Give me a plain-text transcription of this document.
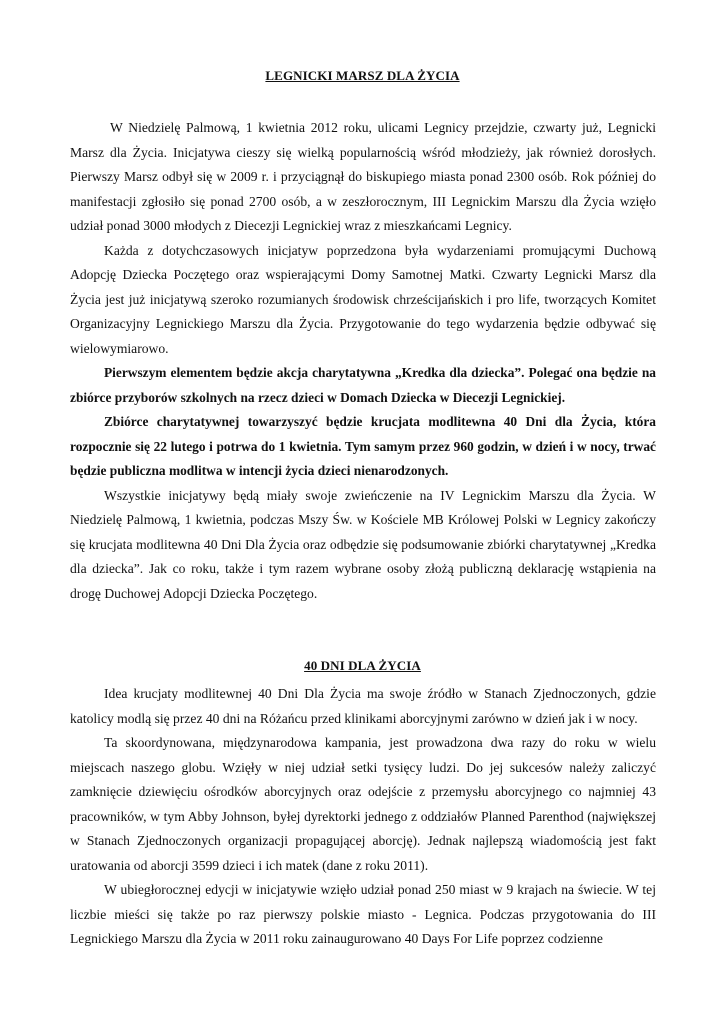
LEGNICKI MARSZ DLA ŻYCIA

W Niedzielę Palmową, 1 kwietnia 2012 roku, ulicami Legnicy przejdzie, czwarty już, Legnicki Marsz dla Życia. Inicjatywa cieszy się wielką popularnością wśród młodzieży, jak również dorosłych. Pierwszy Marsz odbył się w 2009 r. i przyciągnął do biskupiego miasta ponad 2300 osób. Rok później do manifestacji zgłosiło się ponad 2700 osób, a w zeszłorocznym, III Legnickim Marszu dla Życia wzięło udział ponad 3000 młodych z Diecezji Legnickiej wraz z mieszkańcami Legnicy.

Każda z dotychczasowych inicjatyw poprzedzona była wydarzeniami promującymi Duchową Adopcję Dziecka Poczętego oraz wspierającymi Domy Samotnej Matki. Czwarty Legnicki Marsz dla Życia jest już inicjatywą szeroko rozumianych środowisk chrześcijańskich i pro life, tworzących Komitet Organizacyjny Legnickiego Marszu dla Życia. Przygotowanie do tego wydarzenia będzie odbywać się wielowymiarowo.

Pierwszym elementem będzie akcja charytatywna „Kredka dla dziecka”. Polegać ona będzie na zbiórce przyborów szkolnych na rzecz dzieci w Domach Dziecka w Diecezji Legnickiej.

Zbiórce charytatywnej towarzyszyć będzie krucjata modlitewna 40 Dni dla Życia, która rozpocznie się 22 lutego i potrwa do 1 kwietnia. Tym samym przez 960 godzin, w dzień i w nocy, trwać będzie publiczna modlitwa w intencji życia dzieci nienarodzonych.

Wszystkie inicjatywy będą miały swoje zwieńczenie na IV Legnickim Marszu dla Życia. W Niedzielę Palmową, 1 kwietnia, podczas Mszy Św. w Kościele MB Królowej Polski w Legnicy zakończy się krucjata modlitewna 40 Dni Dla Życia oraz odbędzie się podsumowanie zbiórki charytatywnej „Kredka dla dziecka”. Jak co roku, także i tym razem wybrane osoby złożą publiczną deklarację wstąpienia na drogę Duchowej Adopcji Dziecka Poczętego.

40 DNI DLA ŻYCIA

Idea krucjaty modlitewnej 40 Dni Dla Życia ma swoje źródło w Stanach Zjednoczonych, gdzie katolicy modlą się przez 40 dni na Różańcu przed klinikami aborcyjnymi zarówno w dzień jak i w nocy.

Ta skoordynowana, międzynarodowa kampania, jest prowadzona dwa razy do roku w wielu miejscach naszego globu. Wzięły w niej udział setki tysięcy ludzi. Do jej sukcesów należy zaliczyć zamknięcie dziewięciu ośrodków aborcyjnych oraz odejście z przemysłu aborcyjnego co najmniej 43 pracowników, w tym Abby Johnson, byłej dyrektorki jednego z oddziałów Planned Parenthod (największej w Stanach Zjednoczonych organizacji propagującej aborcję). Jednak najlepszą wiadomością jest fakt uratowania od aborcji 3599 dzieci i ich matek (dane z roku 2011).

W ubiegłorocznej edycji w inicjatywie wzięło udział ponad 250 miast w 9 krajach na świecie. W tej liczbie mieści się także po raz pierwszy polskie miasto - Legnica. Podczas przygotowania do III Legnickiego Marszu dla Życia w 2011 roku zainaugurowano 40 Days For Life poprzez codzienne
